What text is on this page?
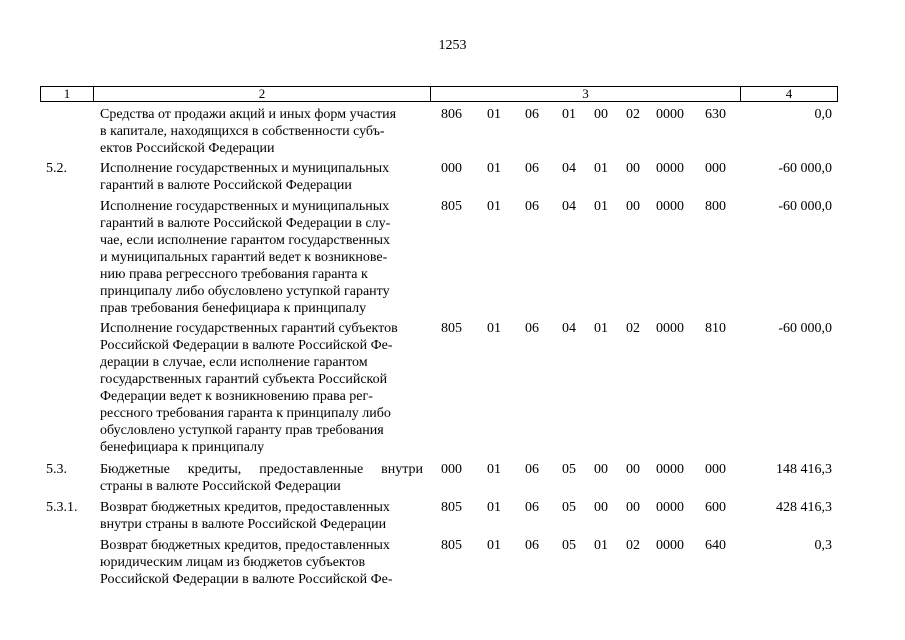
1253
1	2	3	4
Средства от продажи акций и иных форм участия
в капитале, находящихся в собственности субъ-
ектов Российской Федерации
806 01 06 01 00 02 0000 630	0,0
5.2. Исполнение государственных и муниципальных
гарантий в валюте Российской Федерации
000 01 06 04 01 00 0000 000	-60 000,0
Исполнение государственных и муниципальных
гарантий в валюте Российской Федерации в слу-
чае, если исполнение гарантом государственных
и муниципальных гарантий ведет к возникнове-
нию права регрессного требования гаранта к
принципалу либо обусловлено уступкой гаранту
прав требования бенефициара к принципалу
805 01 06 04 01 00 0000 800	-60 000,0
Исполнение государственных гарантий субъектов
Российской Федерации в валюте Российской Фе-
дерации в случае, если исполнение гарантом
государственных гарантий субъекта Российской
Федерации ведет к возникновению права рег-
рессного требования гаранта к принципалу либо
обусловлено уступкой гаранту прав требования
бенефициара к принципалу
805 01 06 04 01 02 0000 810	-60 000,0
5.3. Бюджетные кредиты, предоставленные внутри
страны в валюте Российской Федерации
000 01 06 05 00 00 0000 000	148 416,3
5.3.1. Возврат бюджетных кредитов, предоставленных
внутри страны в валюте Российской Федерации
805 01 06 05 00 00 0000 600	428 416,3
Возврат бюджетных кредитов, предоставленных
юридическим лицам из бюджетов субъектов
Российской Федерации в валюте Российской Фе-
805 01 06 05 01 02 0000 640	0,3
